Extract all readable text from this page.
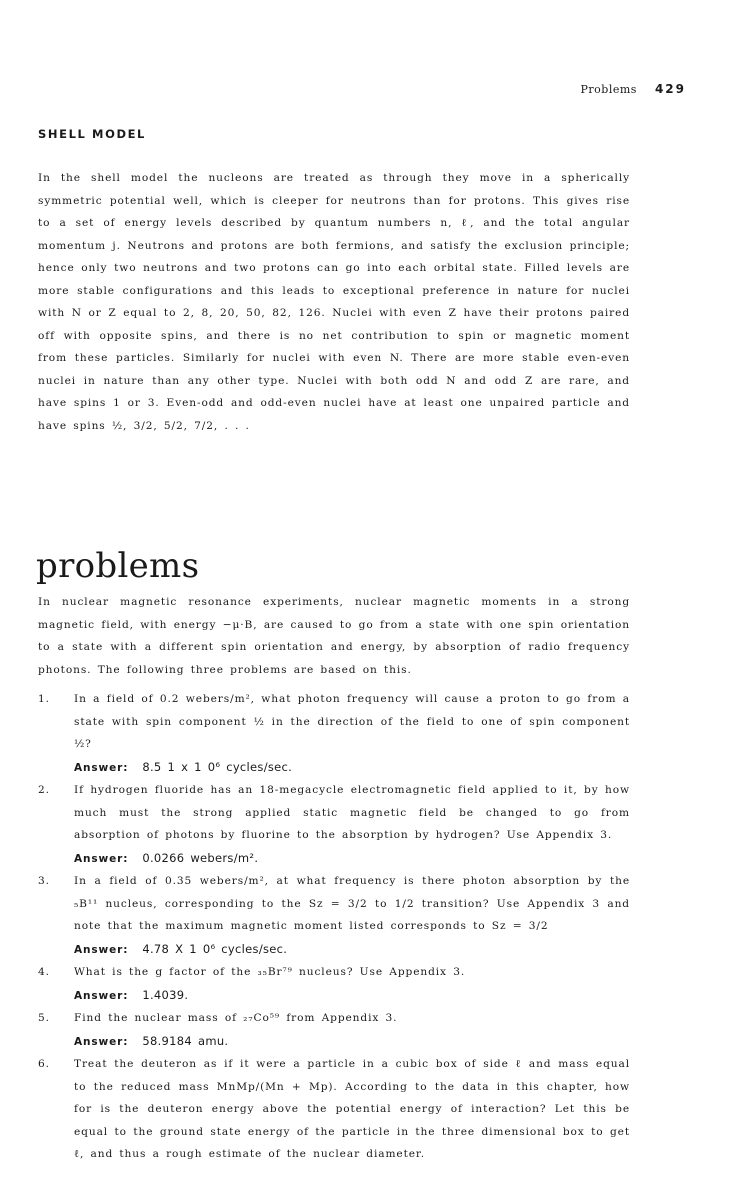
Problems 429
SHELL MODEL

In the shell model the nucleons are treated as through they move in a spherically symmetric potential well, which is cleeper for neutrons than for protons. This gives rise to a set of energy levels described by quantum numbers n, ℓ, and the total angular momentum j. Neutrons and protons are both fermions, and satisfy the exclusion principle; hence only two neutrons and two protons can go into each orbital state. Filled levels are more stable configurations and this leads to exceptional preference in nature for nuclei with N or Z equal to 2, 8, 20, 50, 82, 126. Nuclei with even Z have their protons paired off with opposite spins, and there is no net contribution to spin or magnetic moment from these particles. Similarly for nuclei with even N. There are more stable even-even nuclei in nature than any other type. Nuclei with both odd N and odd Z are rare, and have spins 1 or 3. Even-odd and odd-even nuclei have at least one unpaired particle and have spins ½, 3/2, 5/2, 7/2, . . .

problems

In nuclear magnetic resonance experiments, nuclear magnetic moments in a strong magnetic field, with energy −μ·B, are caused to go from a state with one spin orientation to a state with a different spin orientation and energy, by absorption of radio frequency photons. The following three problems are based on this.

1.	In a field of 0.2 webers/m², what photon frequency will cause a proton to go from a state with spin component ½ in the direction of the field to one of spin component ½?
Answer: 8.5 1 x 1 0⁶ cycles/sec.
2.	If hydrogen fluoride has an 18-megacycle electromagnetic field applied to it, by how much must the strong applied static magnetic field be changed to go from absorption of photons by fluorine to the absorption by hydrogen? Use Appendix 3.
Answer: 0.0266 webers/m².
3.	In a field of 0.35 webers/m², at what frequency is there photon absorption by the ₅B¹¹ nucleus, corresponding to the Sz = 3/2 to 1/2 transition? Use Appendix 3 and note that the maximum magnetic moment listed corresponds to Sz = 3/2
Answer: 4.78 X 1 0⁶ cycles/sec.
4.	What is the g factor of the ₃₅Br⁷⁹ nucleus? Use Appendix 3.
Answer: 1.4039.
5.	Find the nuclear mass of ₂₇Co⁵⁹ from Appendix 3.
Answer: 58.9184 amu.
6.	Treat the deuteron as if it were a particle in a cubic box of side ℓ and mass equal to the reduced mass MnMp/(Mn + Mp). According to the data in this chapter, how for is the deuteron energy above the potential energy of interaction? Let this be equal to the ground state energy of the particle in the three dimensional box to get ℓ, and thus a rough estimate of the nuclear diameter.
